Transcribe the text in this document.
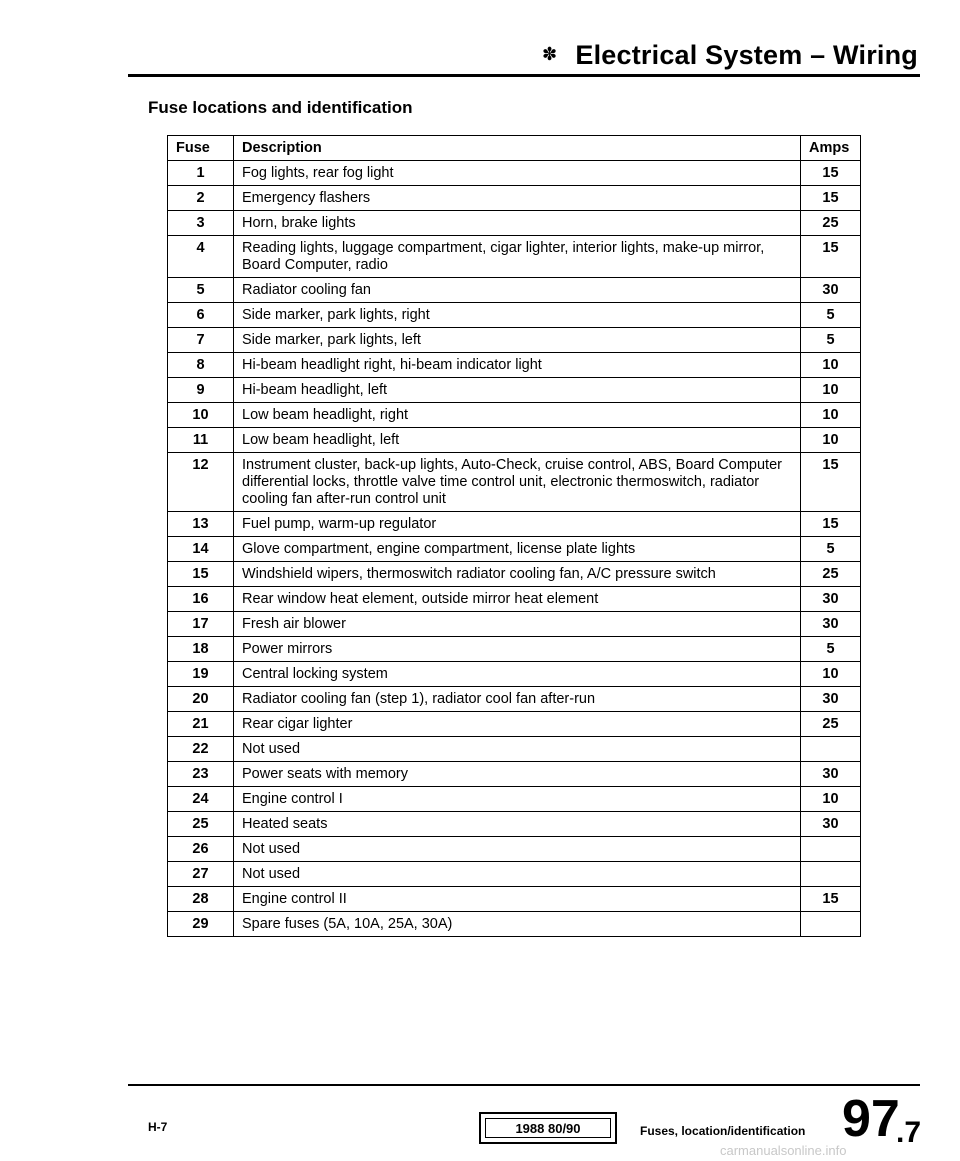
✽ Electrical System – Wiring
Fuse locations and identification
Fuse	Description	Amps
1	Fog lights, rear fog light	15
2	Emergency flashers	15
3	Horn, brake lights	25
4	Reading lights, luggage compartment, cigar lighter, interior lights, make-up mirror, Board Computer, radio	15
5	Radiator cooling fan	30
6	Side marker, park lights, right	5
7	Side marker, park lights, left	5
8	Hi-beam headlight right, hi-beam indicator light	10
9	Hi-beam headlight, left	10
10	Low beam headlight, right	10
11	Low beam headlight, left	10
12	Instrument cluster, back-up lights, Auto-Check, cruise control, ABS, Board Computer differential locks, throttle valve time control unit, electronic thermoswitch, radiator cooling fan after-run control unit	15
13	Fuel pump, warm-up regulator	15
14	Glove compartment, engine compartment, license plate lights	5
15	Windshield wipers, thermoswitch radiator cooling fan, A/C pressure switch	25
16	Rear window heat element, outside mirror heat element	30
17	Fresh air blower	30
18	Power mirrors	5
19	Central locking system	10
20	Radiator cooling fan (step 1), radiator cool fan after-run	30
21	Rear cigar lighter	25
22	Not used	
23	Power seats with memory	30
24	Engine control I	10
25	Heated seats	30
26	Not used	
27	Not used	
28	Engine control II	15
29	Spare fuses (5A, 10A, 25A, 30A)	
H-7	1988 80/90	Fuses, location/identification 97
.7
carmanualsonline.info
